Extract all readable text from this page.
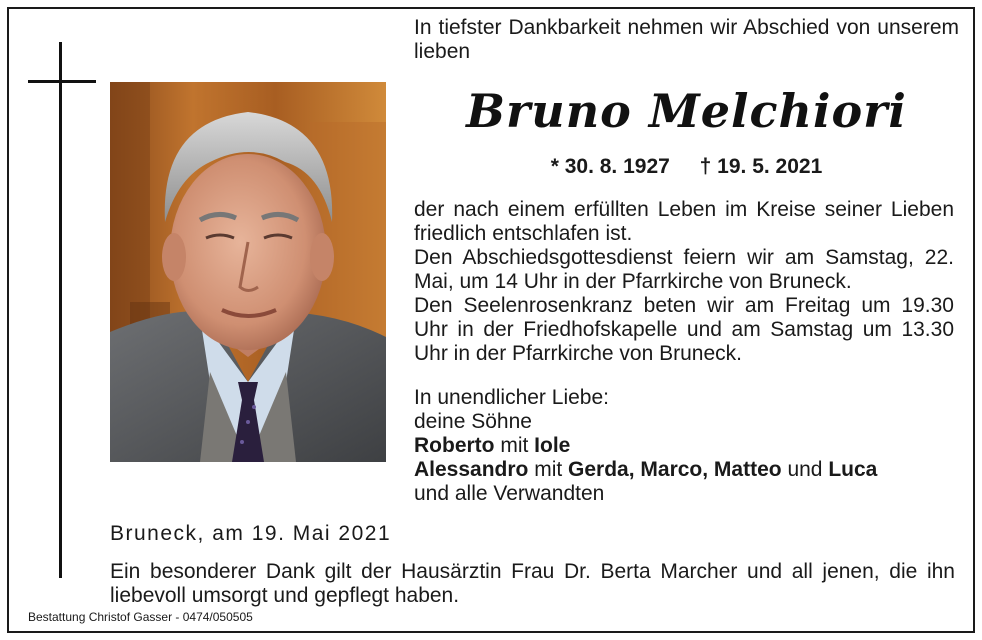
In tiefster Dankbarkeit nehmen wir Abschied von unserem lieben
Bruno Melchiori
* 30. 8. 1927 † 19. 5. 2021

der nach einem erfüllten Leben im Kreise seiner Lieben friedlich entschlafen ist.

Den Abschiedsgottesdienst feiern wir am Samstag, 22. Mai, um 14 Uhr in der Pfarrkirche von Bruneck.

Den Seelenrosenkranz beten wir am Freitag um 19.30 Uhr in der Friedhofskapelle und am Samstag um 13.30 Uhr in der Pfarrkirche von Bruneck.

In unendlicher Liebe:
deine Söhne
Roberto mit Iole
Alessandro mit Gerda, Marco, Matteo und Luca
und alle Verwandten
Bruneck, am 19. Mai 2021
Ein besonderer Dank gilt der Hausärztin Frau Dr. Berta Marcher und all jenen, die ihn liebevoll umsorgt und gepflegt haben.
Bestattung Christof Gasser - 0474/050505
